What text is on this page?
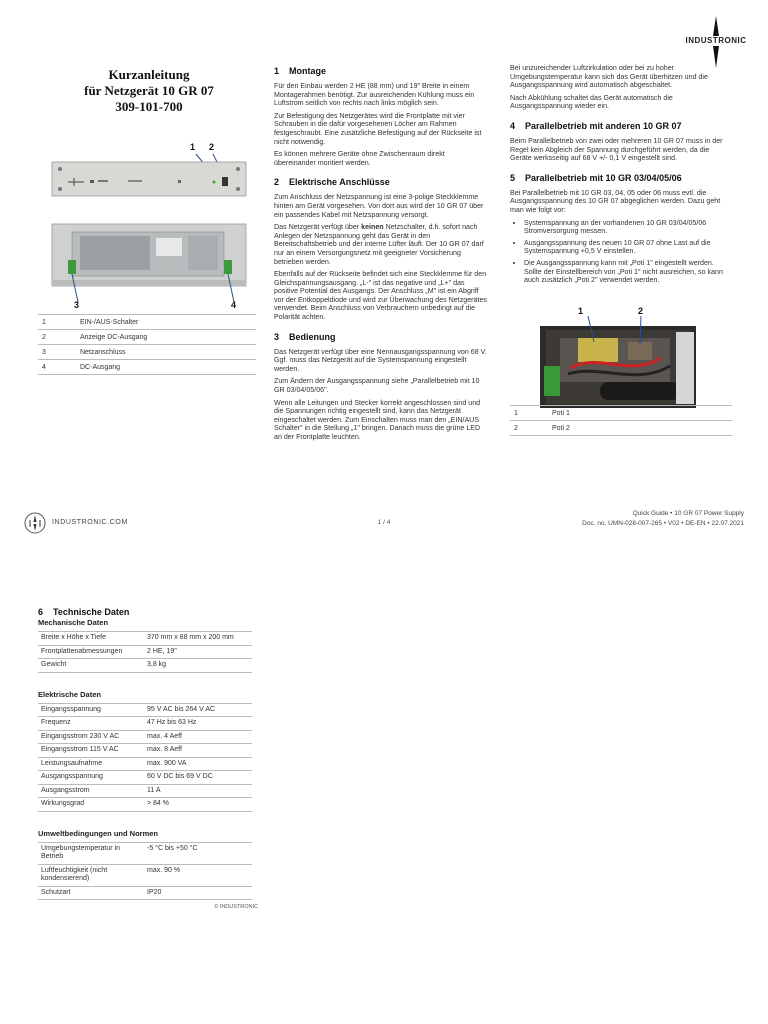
INDUSTRONIC
Kurzanleitung
für Netzgerät 10 GR 07
309-101-700
1 2
3	4
1	EIN-/AUS-Schalter
2	Anzeige DC-Ausgang
3	Netzanschluss
4	DC-Ausgang
1 Montage

Für den Einbau werden 2 HE (88 mm) und 19" Breite in einem Montagerahmen benötigt. Zur ausreichenden Kühlung muss ein Luftstrom seitlich von rechts nach links möglich sein.

Zur Befestigung des Netzgerätes wird die Frontplatte mit vier Schrauben in die dafür vorgesehenen Löcher am Rahmen festgeschraubt. Eine zusätzliche Befestigung auf der Rückseite ist nicht notwendig.

Es können mehrere Geräte ohne Zwischenraum direkt übereinander montiert werden.

2 Elektrische Anschlüsse

Zum Anschluss der Netzspannung ist eine 3-polige Steckklemme hinten am Gerät vorgesehen. Von dort aus wird der 10 GR 07 über ein passendes Kabel mit Netzspannung versorgt.

Das Netzgerät verfügt über keinen Netzschalter, d.h. sofort nach Anlegen der Netzspannung geht das Gerät in den Bereitschaftsbetrieb und der interne Lüfter läuft. Der 10 GR 07 darf nur an einem Versorgungsnetz mit geeigneter Vorsicherung betrieben werden.

Ebenfalls auf der Rückseite befindet sich eine Steckklemme für den Gleichspannungsausgang. „L-" ist das negative und „L+" das positive Potential des Ausgangs. Der Anschluss „M" ist ein Abgriff vor der Entkoppeldiode und wird zur Überwachung des Netzgerätes verwendet. Beim Anschluss von Verbrauchern unbedingt auf die Polarität achten.

3 Bedienung

Das Netzgerät verfügt über eine Nennausgangsspannung von 68 V. Ggf. muss das Netzgerät auf die Systemspannung eingestellt werden.

Zum Ändern der Ausgangsspannung siehe „Parallelbetrieb mit 10 GR 03/04/05/06".

Wenn alle Leitungen und Stecker korrekt angeschlossen sind und die Spannungen richtig eingestellt sind, kann das Netzgerät eingeschaltet werden. Zum Einschalten muss man den „EIN/AUS Schalter" in die Stellung „1" bringen. Danach muss die grüne LED an der Frontplatte leuchten.

Bei unzureichender Luftzirkulation oder bei zu hoher Umgebungstemperatur kann sich das Gerät überhitzen und die Ausgangsspannung wird automatisch abgeschaltet.

Nach Abkühlung schaltet das Gerät automatisch die Ausgangsspannung wieder ein.

4 Parallelbetrieb mit anderen 10 GR 07

Beim Parallelbetrieb von zwei oder mehreren 10 GR 07 muss in der Regel kein Abgleich der Spannung durchgeführt werden, da die Geräte werksseitig auf 68 V +/- 0,1 V eingestellt sind.

5 Parallelbetrieb mit 10 GR 03/04/05/06

Bei Parallelbetrieb mit 10 GR 03, 04, 05 oder 06 muss evtl. die Ausgangsspannung des 10 GR 07 abgeglichen werden. Dazu geht man wie folgt vor:

• Systemspannung an der vorhandenen 10 GR 03/04/05/06 Stromversorgung messen.
• Ausgangsspannung des neuen 10 GR 07 ohne Last auf die Systemspannung +0,5 V einstellen.
• Die Ausgangsspannung kann mit „Poti 1" eingestellt werden. Sollte der Einstellbereich von „Poti 1" nicht ausreichen, so kann auch zusätzlich „Poti 2" verwendet werden.
1	2
1	Poti 1
2	Poti 2
INDUSTRONIC.COM	1 / 4
Quick Guide • 10 GR 07 Power Supply
Doc. no. UMN-028-007-265 • V02 • DE-EN • 22.07.2021
6 Technische Daten
Mechanische Daten
Breite x Höhe x Tiefe	370 mm x 88 mm x 200 mm
Frontplattenabmessungen	2 HE, 19"
Gewicht	3,8 kg
Elektrische Daten
Eingangsspannung	95 V AC bis 264 V AC
Frequenz	47 Hz bis 63 Hz
Eingangsstrom 230 V AC	max. 4 Aeff
Eingangsstrom 115 V AC	max. 8 Aeff
Leistungsaufnahme	max. 900 VA
Ausgangsspannung	60 V DC bis 69 V DC
Ausgangsstrom	11 A
Wirkungsgrad	> 84 %
Umweltbedingungen und Normen
Umgebungstemperatur in Betrieb	-5 °C bis +50 °C
Luftfeuchtigkeit (nicht kondensierend)	max. 90 %
Schutzart	IP20
© INDUSTRONIC
